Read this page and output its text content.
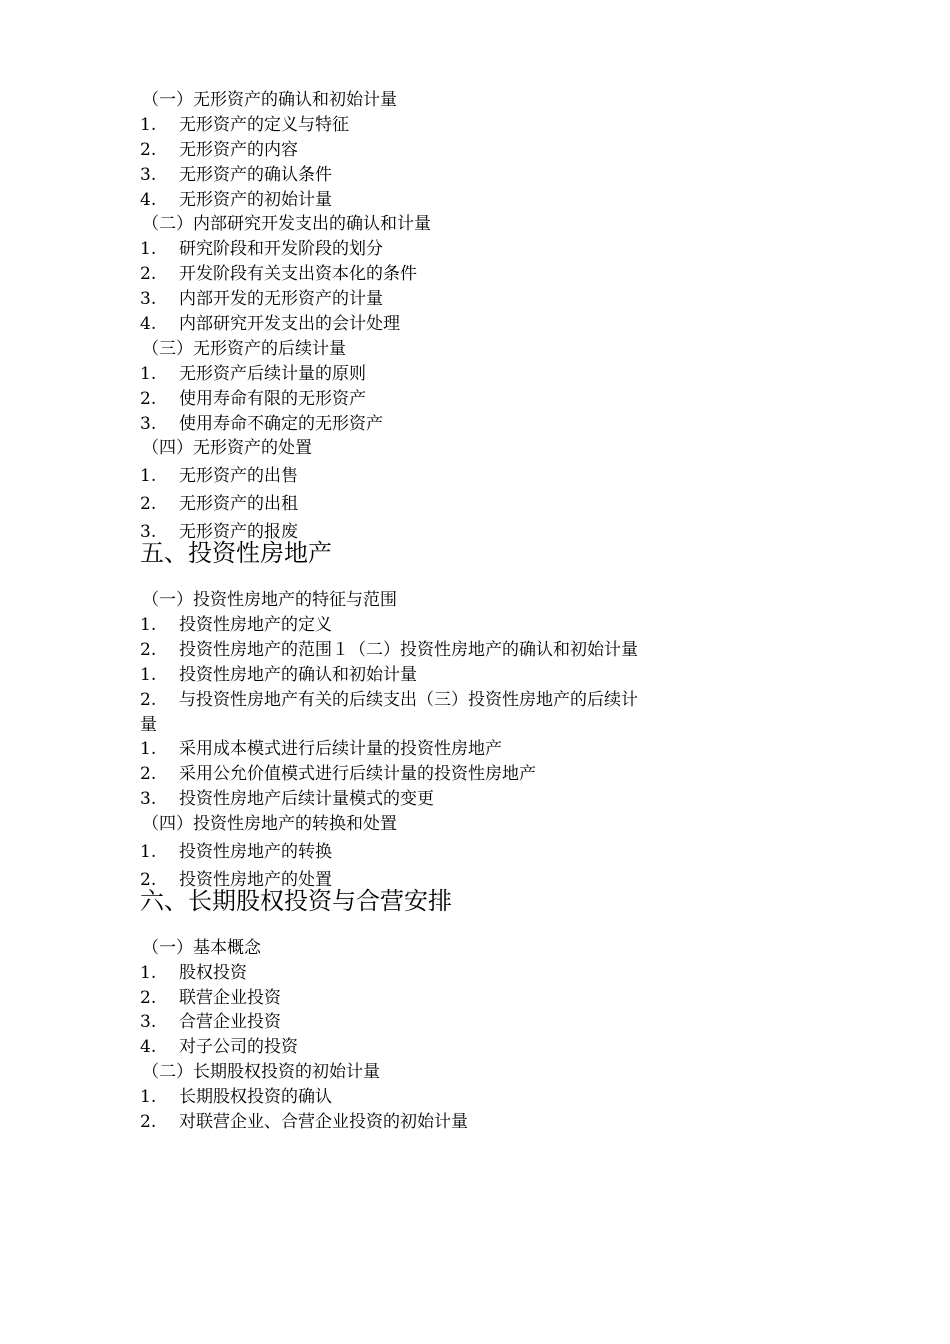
（一）无形资产的确认和初始计量
1. 无形资产的定义与特征
2. 无形资产的内容
3. 无形资产的确认条件
4. 无形资产的初始计量
（二）内部研究开发支出的确认和计量
1. 研究阶段和开发阶段的划分
2. 开发阶段有关支出资本化的条件
3. 内部开发的无形资产的计量
4. 内部研究开发支出的会计处理
（三）无形资产的后续计量
1. 无形资产后续计量的原则
2. 使用寿命有限的无形资产
3. 使用寿命不确定的无形资产
（四）无形资产的处置
1. 无形资产的出售
2. 无形资产的出租
3. 无形资产的报废
五、投资性房地产
（一）投资性房地产的特征与范围
1. 投资性房地产的定义
2. 投资性房地产的范围１（二）投资性房地产的确认和初始计量
1. 投资性房地产的确认和初始计量
2. 与投资性房地产有关的后续支出（三）投资性房地产的后续计量
1. 采用成本模式进行后续计量的投资性房地产
2. 采用公允价值模式进行后续计量的投资性房地产
3. 投资性房地产后续计量模式的变更
（四）投资性房地产的转换和处置
1. 投资性房地产的转换
2. 投资性房地产的处置
六、长期股权投资与合营安排
（一）基本概念
1. 股权投资
2. 联营企业投资
3. 合营企业投资
4. 对子公司的投资
（二）长期股权投资的初始计量
1. 长期股权投资的确认
2. 对联营企业、合营企业投资的初始计量
